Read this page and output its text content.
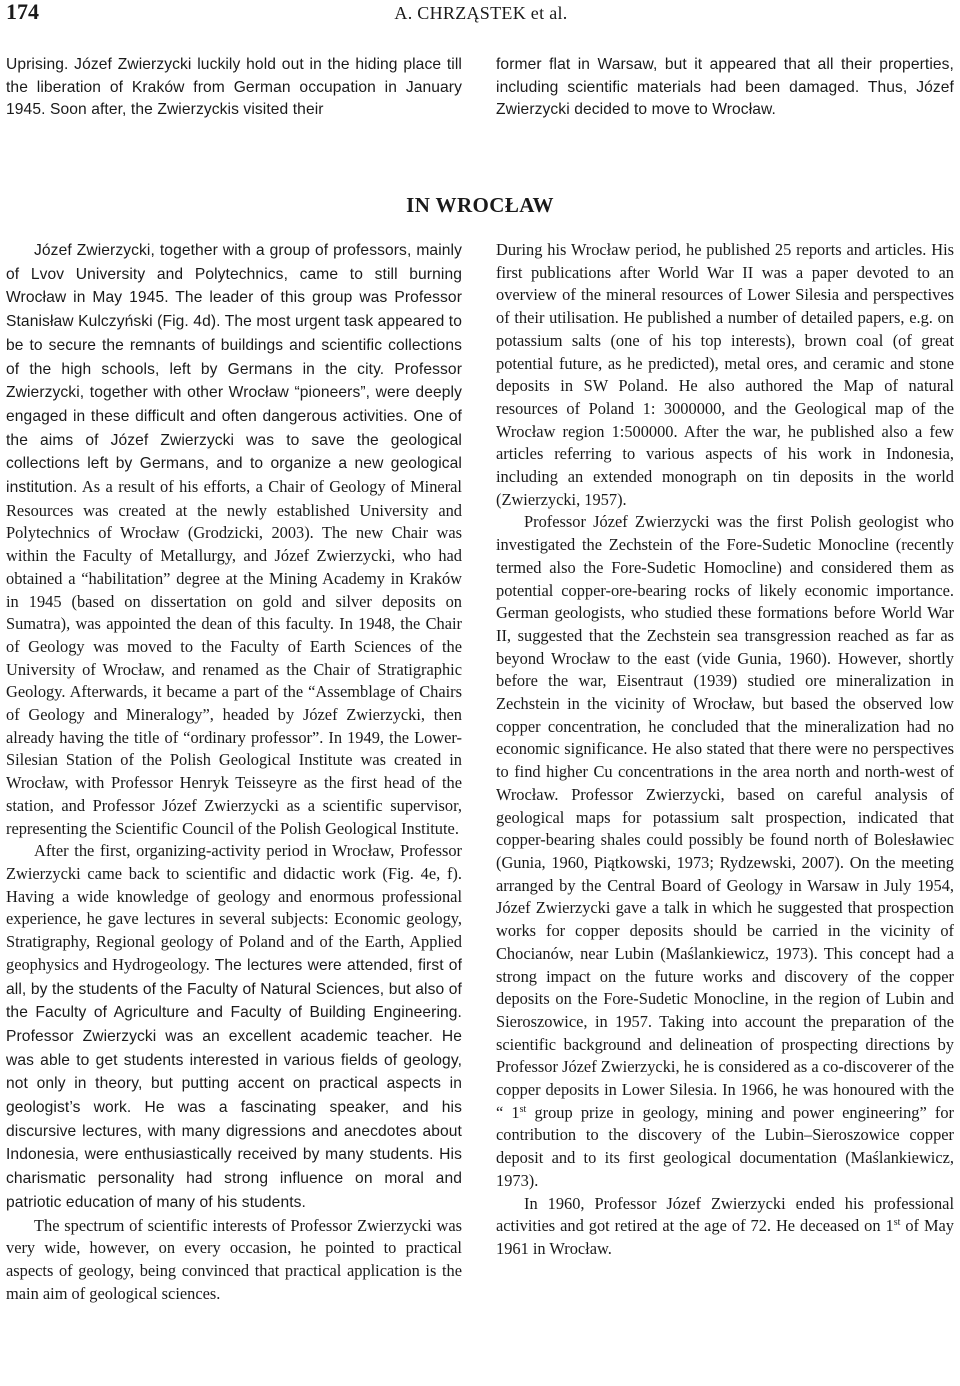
174	A. CHRZĄSTEK et al.

Uprising. Józef Zwierzycki luckily hold out in the hiding place till the liberation of Kraków from German occupation in January 1945. Soon after, the Zwierzyckis visited their

former flat in Warsaw, but it appeared that all their properties, including scientific materials had been damaged. Thus, Józef Zwierzycki decided to move to Wrocław.

IN WROCŁAW

Józef Zwierzycki, together with a group of professors, mainly of Lvov University and Polytechnics, came to still burning Wrocław in May 1945. The leader of this group was Professor Stanisław Kulczyński (Fig. 4d). The most urgent task appeared to be to secure the remnants of buildings and scientific collections of the high schools, left by Germans in the city. Professor Zwierzycki, together with other Wrocław “pioneers”, were deeply engaged in these difficult and often dangerous activities. One of the aims of Józef Zwierzycki was to save the geological collections left by Germans, and to organize a new geological institution. As a result of his efforts, a Chair of Geology of Mineral Resources was created at the newly established University and Polytechnics of Wrocław (Grodzicki, 2003). The new Chair was within the Faculty of Metallurgy, and Józef Zwierzycki, who had obtained a “habilitation” degree at the Mining Academy in Kraków in 1945 (based on dissertation on gold and silver deposits on Sumatra), was appointed the dean of this faculty. In 1948, the Chair of Geology was moved to the Faculty of Earth Sciences of the University of Wrocław, and renamed as the Chair of Stratigraphic Geology. Afterwards, it became a part of the “Assemblage of Chairs of Geology and Mineralogy”, headed by Józef Zwierzycki, then already having the title of “ordinary professor”. In 1949, the Lower-Silesian Station of the Polish Geological Institute was created in Wrocław, with Professor Henryk Teisseyre as the first head of the station, and Professor Józef Zwierzycki as a scientific supervisor, representing the Scientific Council of the Polish Geological Institute.

After the first, organizing-activity period in Wrocław, Professor Zwierzycki came back to scientific and didactic work (Fig. 4e, f). Having a wide knowledge of geology and enormous professional experience, he gave lectures in several subjects: Economic geology, Stratigraphy, Regional geology of Poland and of the Earth, Applied geophysics and Hydrogeology. The lectures were attended, first of all, by the students of the Faculty of Natural Sciences, but also of the Faculty of Agriculture and Faculty of Building Engineering. Professor Zwierzycki was an excellent academic teacher. He was able to get students interested in various fields of geology, not only in theory, but putting accent on practical aspects in geologist’s work. He was a fascinating speaker, and his discursive lectures, with many digressions and anecdotes about Indonesia, were enthusiastically received by many students. His charismatic personality had strong influence on moral and patriotic education of many of his students.

The spectrum of scientific interests of Professor Zwierzycki was very wide, however, on every occasion, he pointed to practical aspects of geology, being convinced that practical application is the main aim of geological sciences.

During his Wrocław period, he published 25 reports and articles. His first publications after World War II was a paper devoted to an overview of the mineral resources of Lower Silesia and perspectives of their utilisation. He published a number of detailed papers, e.g. on potassium salts (one of his top interests), brown coal (of great potential future, as he predicted), metal ores, and ceramic and stone deposits in SW Poland. He also authored the Map of natural resources of Poland 1: 3000000, and the Geological map of the Wrocław region 1:500000. After the war, he published also a few articles referring to various aspects of his work in Indonesia, including an extended monograph on tin deposits in the world (Zwierzycki, 1957).

Professor Józef Zwierzycki was the first Polish geologist who investigated the Zechstein of the Fore-Sudetic Monocline (recently termed also the Fore-Sudetic Homocline) and considered them as potential copper-ore-bearing rocks of likely economic importance. German geologists, who studied these formations before World War II, suggested that the Zechstein sea transgression reached as far as beyond Wrocław to the east (vide Gunia, 1960). However, shortly before the war, Eisentraut (1939) studied ore mineralization in Zechstein in the vicinity of Wrocław, but based the observed low copper concentration, he concluded that the mineralization had no economic significance. He also stated that there were no perspectives to find higher Cu concentrations in the area north and north-west of Wrocław. Professor Zwierzycki, based on careful analysis of geological maps for potassium salt prospection, indicated that copper-bearing shales could possibly be found north of Bolesławiec (Gunia, 1960, Piątkowski, 1973; Rydzewski, 2007). On the meeting arranged by the Central Board of Geology in Warsaw in July 1954, Józef Zwierzycki gave a talk in which he suggested that prospection works for copper deposits should be carried in the vicinity of Chocianów, near Lubin (Maślankiewicz, 1973). This concept had a strong impact on the future works and discovery of the copper deposits on the Fore-Sudetic Monocline, in the region of Lubin and Sieroszowice, in 1957. Taking into account the preparation of the scientific background and delineation of prospecting directions by Professor Józef Zwierzycki, he is considered as a co-discoverer of the copper deposits in Lower Silesia. In 1966, he was honoured with the “ 1st group prize in geology, mining and power engineering” for contribution to the discovery of the Lubin–Sieroszowice copper deposit and to its first geological documentation (Maślankiewicz, 1973).

In 1960, Professor Józef Zwierzycki ended his professional activities and got retired at the age of 72. He deceased on 1st of May 1961 in Wrocław.
